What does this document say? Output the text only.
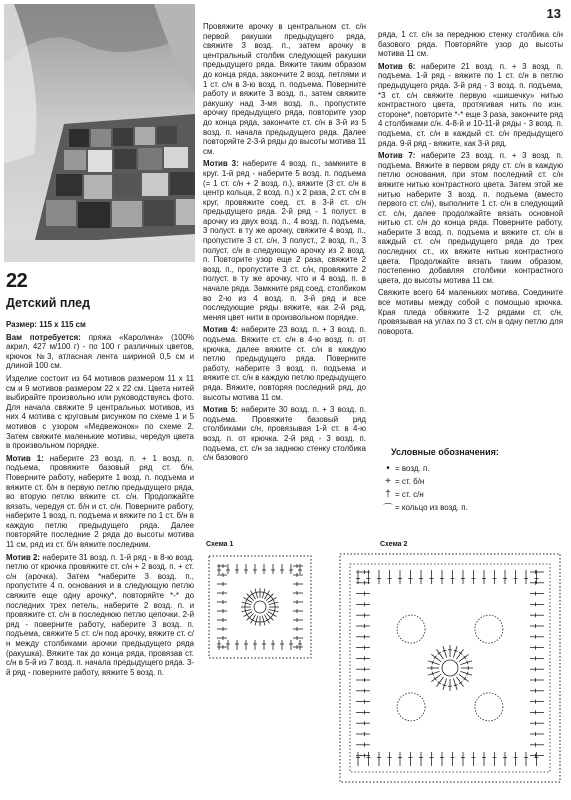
13
22
Детский плед

Размер: 115 х 115 см

Вам потребуется: пряжа «Каролина» (100% акрил, 427 м/100 г) - по 100 г различных цветов, крючок №3, атласная лента шириной 0,5 см и длиной 100 см.

Изделие состоит из 64 мотивов размером 11 х 11 см и 9 мотивов размером 22 х 22 см. Цвета нитей выбирайте произвольно или руководствуясь фото. Для начала свяжите 9 центральных мотивов, из них 4 мотива с круговым рисунком по схеме 1 и 5 мотивов с узором «Медвежонок» по схеме 2. Затем свяжите маленькие мотивы, чередуя цвета в произвольном порядке.

Мотив 1: наберите 23 возд. п. + 1 возд. п. подъема, провяжите базовый ряд ст. б/н. Поверните работу, наберите 1 возд. п. подъема и вяжите ст. б/н в первую петлю предыдущего ряда, во вторую петлю вяжите ст. с/н. Продолжайте вязать, чередуя ст. б/н и ст. с/н. Поверните работу, наберите 1 возд. п. подъема и вяжите по 1 ст. б/н в каждую петлю предыдущего ряда. Далее повторяйте последние 2 ряда до высоты мотива 11 см, ряд из ст. б/н вяжите последним.

Мотив 2: наберите 31 возд. п. 1-й ряд - в 8-ю возд. петлю от крючка провяжите ст. с/н + 2 возд. п. + ст. с/н (арочка). Затем *наберите 3 возд. п., пропустите 4 п. основания и в следующую петлю свяжите еще одну арочку*, повторяйте *-* до последних трех петель, наберите 2 возд. п. и провяжите ст. с/н в последнюю петлю цепочки. 2-й ряд - поверните работу, наберите 3 возд. п. подъема, свяжите 5 ст. с/н под арочку, вяжите ст. с/н между столбиками арочки предыдущего ряда (ракушка). Вяжите так до конца ряда, провязав ст. с/н в 5-й из 7 возд. п. начала предыдущего ряда. 3-й ряд - поверните работу, вяжите 5 возд. п.

Провяжите арочку в центральном ст. с/н первой ракушки предыдущего ряда, свяжите 3 возд. п., затем арочку в центральный столбик следующей ракушки предыдущего ряда. Вяжите таким образом до конца ряда, закончите 2 возд. петлями и 1 ст. с/н в 3-ю возд. п. подъема. Поверните работу и вяжите 3 возд. п., затем свяжите ракушку над 3-мя возд. п., пропустите арочку предыдущего ряда, повторите узор до конца ряда, закончите ст. с/н в 3-й из 5 возд. п. начала предыдущего ряда. Далее повторяйте 2-3-й ряды до высоты мотива 11 см.

Мотив 3: наберите 4 возд. п., замкните в круг. 1-й ряд - наберите 5 возд. п. подъема (= 1 ст. с/н + 2 возд. п.), вяжите (3 ст. с/н в центр кольца, 2 возд. п.) х 2 раза, 2 ст. с/н в круг, провяжите соед. ст. в 3-й ст. с/н предыдущего ряда. 2-й ряд - 1 полуст. в арочку из двух возд. п., 4 возд. п. подъема, 3 полуст. в ту же арочку, свяжите 4 возд. п., пропустите 3 ст. с/н, 3 полуст., 2 возд. п., 3 полуст. с/н в следующую арочку из 2 возд. п. Повторите узор еще 2 раза, свяжите 2 возд. п., пропустите 3 ст. с/н, провяжите 2 полуст. в ту же арочку, что и 4 возд. п. в начале ряда. Замкните ряд соед. столбиком во 2-ю из 4 возд. п. 3-й ряд и все последующие ряды вяжите, как 2-й ряд, меняя цвет нити в произвольном порядке.

Мотив 4: наберите 23 возд. п. + 3 возд. п. подъема. Вяжите ст. с/н в 4-ю возд. п. от крючка, далее вяжите ст. с/н в каждую петлю предыдущего ряда. Поверните работу, наберите 3 возд. п. подъема и вяжите ст. с/н в каждую петлю предыдущего ряда. Вяжите, повторяя последний ряд, до высоты мотива 11 см.

Мотив 5: наберите 30 возд. п. + 3 возд. п. подъема. Провяжите базовый ряд столбиками с/н, провязывая 1-й ст. в 4-ю возд. п. от крючка. 2-й ряд - 3 возд. п. подъема, ст. с/н за заднюю стенку столбика с/н базового

ряда, 1 ст. с/н за переднюю стенку столбика с/н базового ряда. Повторяйте узор до высоты мотива 11 см.

Мотив 6: наберите 21 возд. п. + 3 возд. п. подъема. 1-й ряд - вяжите по 1 ст. с/н в петлю предыдущего ряда. 3-й ряд - 3 возд. п. подъема, *3 ст. с/н свяжите первую «шишечку» нитью контрастного цвета, протягивая нить по изн. стороне*, повторите *-* еще 3 раза, закончите ряд 4 столбиками с/н. 4-8-й и 10-11-й ряды - 3 возд. п. подъема, ст. с/н в каждый ст. с/н предыдущего ряда. 9-й ряд - вяжите, как 3-й ряд.

Мотив 7: наберите 23 возд. п. + 3 возд. п. подъема. Вяжите в первом ряду ст. с/н в каждую петлю основания, при этом последний ст. с/н вяжите нитью контрастного цвета. Затем этой же нитью наберите 3 возд. п. подъема (вместо первого ст. с/н), выполните 1 ст. с/н в следующий ст. с/н, далее продолжайте вязать основной нитью ст. с/н до конца ряда. Поверните работу, наберите 3 возд. п. подъема и вяжите ст. с/н в каждый ст. с/н предыдущего ряда до трех последних ст., их вяжите нитью контрастного цвета. Продолжайте вязать таким образом, постепенно добавляя столбики контрастного цвета, до высоты мотива 11 см.

Свяжите всего 64 маленьких мотива. Соедините все мотивы между собой с помощью крючка. Края пледа обвяжите 1-2 рядами ст. с/н, провязывая на углах по 3 ст. с/н в одну петлю для поворота.

Условные обозначения:
• = возд. п.
+ = ст. б/н
† = ст. с/н
⌒ = кольцо из возд. п.
Схема 1	Схема 2
